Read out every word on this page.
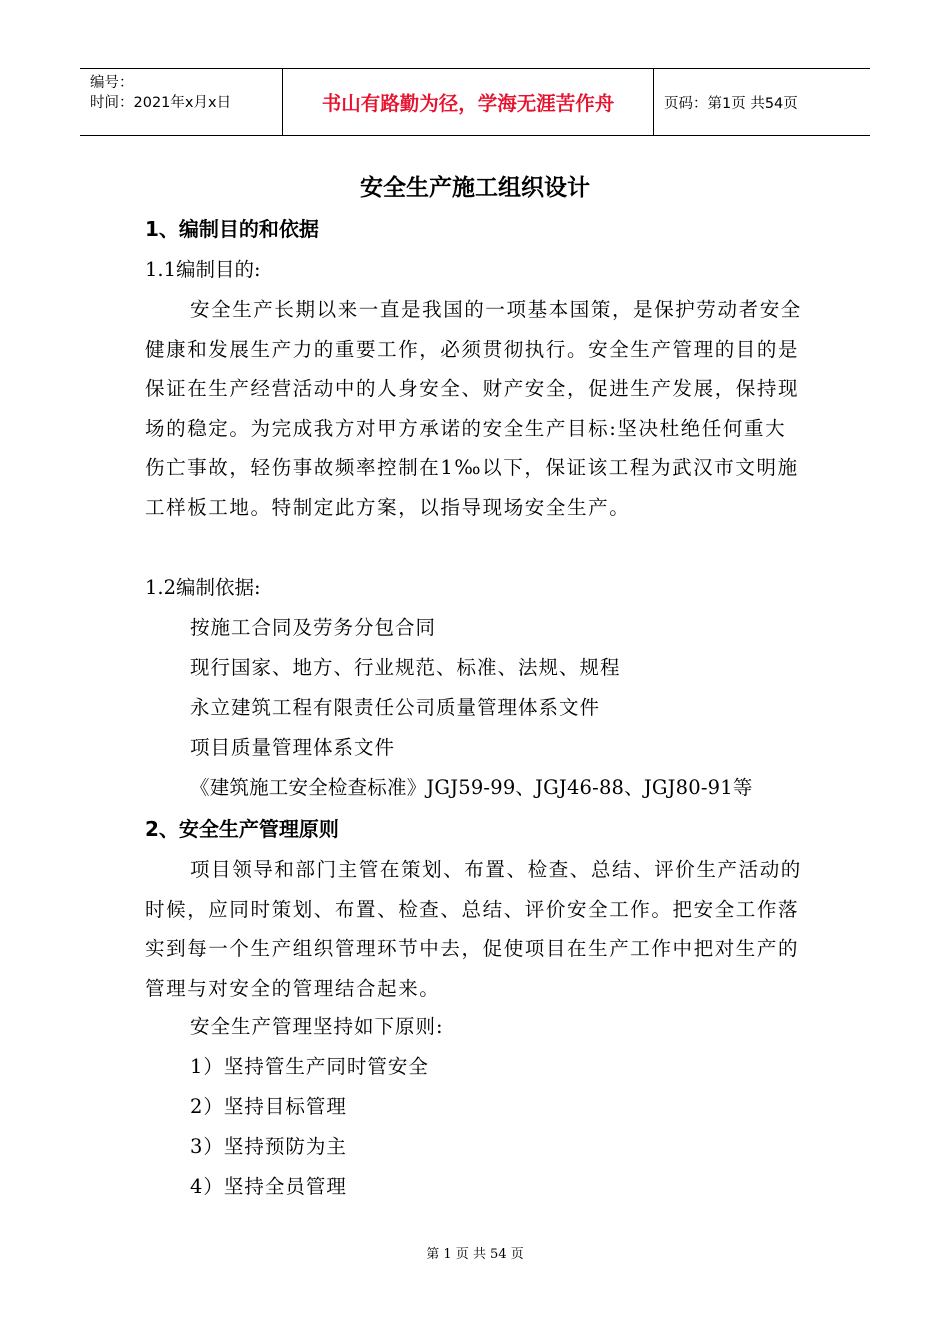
编号：
时间：2021年x月x日	书山有路勤为径，学海无涯苦作舟	页码：第1页 共54页
安全生产施工组织设计
1、编制目的和依据
1.1编制目的:
安全生产长期以来一直是我国的一项基本国策，是保护劳动者安全健康和发展生产力的重要工作，必须贯彻执行。安全生产管理的目的是保证在生产经营活动中的人身安全、财产安全，促进生产发展，保持现场的稳定。为完成我方对甲方承诺的安全生产目标:坚决杜绝任何重大伤亡事故，轻伤事故频率控制在1‰以下，保证该工程为武汉市文明施工样板工地。特制定此方案，以指导现场安全生产。
1.2编制依据:
按施工合同及劳务分包合同
现行国家、地方、行业规范、标准、法规、规程
永立建筑工程有限责任公司质量管理体系文件
项目质量管理体系文件
《建筑施工安全检查标准》JGJ59-99、JGJ46-88、JGJ80-91等
2、安全生产管理原则
项目领导和部门主管在策划、布置、检查、总结、评价生产活动的时候，应同时策划、布置、检查、总结、评价安全工作。把安全工作落实到每一个生产组织管理环节中去，促使项目在生产工作中把对生产的管理与对安全的管理结合起来。
安全生产管理坚持如下原则:
1）坚持管生产同时管安全
2）坚持目标管理
3）坚持预防为主
4）坚持全员管理
第 1 页 共 54 页
